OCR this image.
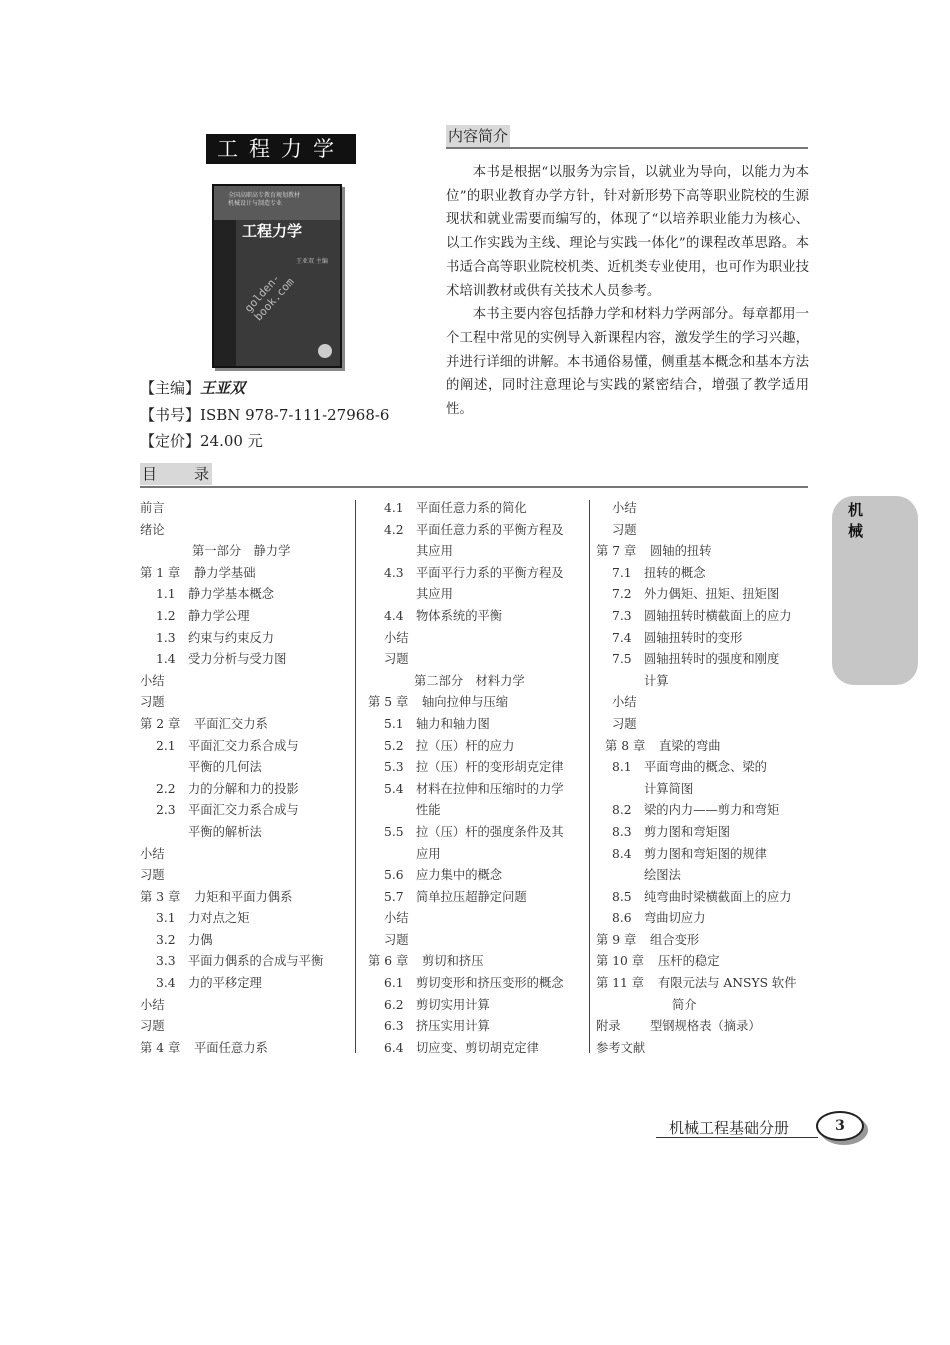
工程力学
全国高职高专教育规划教材
机械设计与制造专业
工程力学
王亚双 主编
golden-book.com
【主编】王亚双
【书号】ISBN 978-7-111-27968-6
【定价】24.00 元
内容简介

本书是根据“以服务为宗旨，以就业为导向，以能力为本位”的职业教育办学方针，针对新形势下高等职业院校的生源现状和就业需要而编写的，体现了“以培养职业能力为核心、以工作实践为主线、理论与实践一体化”的课程改革思路。本书适合高等职业院校机类、近机类专业使用，也可作为职业技术培训教材或供有关技术人员参考。

本书主要内容包括静力学和材料力学两部分。每章都用一个工程中常见的实例导入新课程内容，激发学生的学习兴趣，并进行详细的讲解。本书通俗易懂，侧重基本概念和基本方法的阐述，同时注意理论与实践的紧密结合，增强了教学适用性。

目 录
前言
绪论
第一部分　静力学
第 1 章 静力学基础
1.1 静力学基本概念
1.2 静力学公理
1.3 约束与约束反力
1.4 受力分析与受力图
小结
习题
第 2 章 平面汇交力系
2.1 平面汇交力系合成与
平衡的几何法
2.2 力的分解和力的投影
2.3 平面汇交力系合成与
平衡的解析法
小结
习题
第 3 章 力矩和平面力偶系
3.1 力对点之矩
3.2 力偶
3.3 平面力偶系的合成与平衡
3.4 力的平移定理
小结
习题
第 4 章 平面任意力系
4.1 平面任意力系的简化
4.2 平面任意力系的平衡方程及
其应用
4.3 平面平行力系的平衡方程及
其应用
4.4 物体系统的平衡
小结
习题
第二部分　材料力学
第 5 章 轴向拉伸与压缩
5.1 轴力和轴力图
5.2 拉（压）杆的应力
5.3 拉（压）杆的变形胡克定律
5.4 材料在拉伸和压缩时的力学
性能
5.5 拉（压）杆的强度条件及其
应用
5.6 应力集中的概念
5.7 简单拉压超静定问题
小结
习题
第 6 章 剪切和挤压
6.1 剪切变形和挤压变形的概念
6.2 剪切实用计算
6.3 挤压实用计算
6.4 切应变、剪切胡克定律
小结
习题
第 7 章 圆轴的扭转
7.1 扭转的概念
7.2 外力偶矩、扭矩、扭矩图
7.3 圆轴扭转时横截面上的应力
7.4 圆轴扭转时的变形
7.5 圆轴扭转时的强度和刚度
计算
小结
习题
第 8 章 直梁的弯曲
8.1 平面弯曲的概念、梁的
计算简图
8.2 梁的内力——剪力和弯矩
8.3 剪力图和弯矩图
8.4 剪力图和弯矩图的规律
绘图法
8.5 纯弯曲时梁横截面上的应力
8.6 弯曲切应力
第 9 章 组合变形
第 10 章 压杆的稳定
第 11 章 有限元法与 ANSYS 软件
简介
附录 型钢规格表（摘录）
参考文献
机械
机械工程基础分册	3
